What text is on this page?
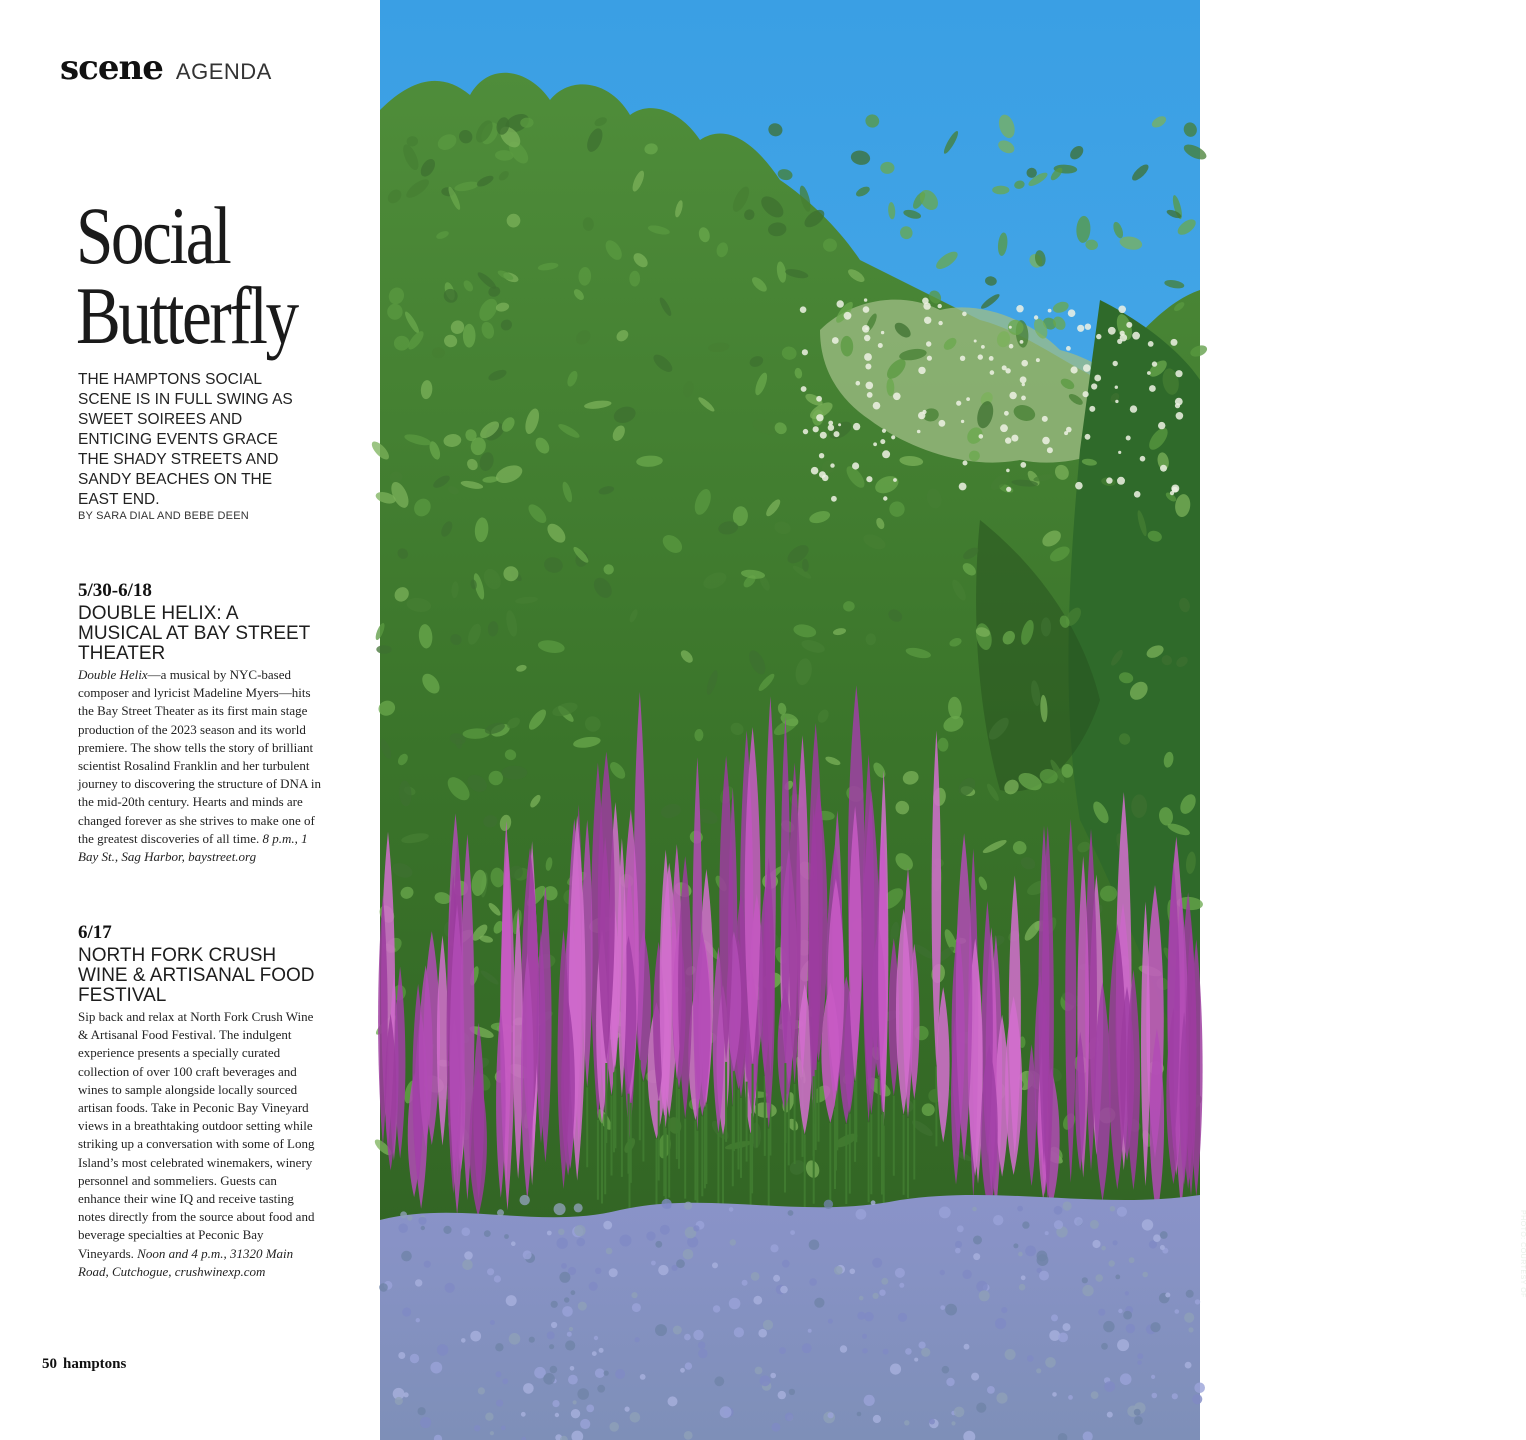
scene AGENDA
Social Butterfly

THE HAMPTONS SOCIAL SCENE IS IN FULL SWING AS SWEET SOIREES AND ENTICING EVENTS GRACE THE SHADY STREETS AND SANDY BEACHES ON THE EAST END.

BY SARA DIAL AND BEBE DEEN
5/30-6/18
DOUBLE HELIX: A MUSICAL AT BAY STREET THEATER

Double Helix—a musical by NYC-based composer and lyricist Madeline Myers—hits the Bay Street Theater as its first main stage production of the 2023 season and its world premiere. The show tells the story of brilliant scientist Rosalind Franklin and her turbulent journey to discovering the structure of DNA in the mid-20th century. Hearts and minds are changed forever as she strives to make one of the greatest discoveries of all time. 8 p.m., 1 Bay St., Sag Harbor, baystreet.org

6/17
NORTH FORK CRUSH WINE & ARTISANAL FOOD FESTIVAL

Sip back and relax at North Fork Crush Wine & Artisanal Food Festival. The indulgent experience presents a specially curated collection of over 100 craft beverages and wines to sample alongside locally sourced artisan foods. Take in Peconic Bay Vineyard views in a breathtaking outdoor setting while striking up a conversation with some of Long Island’s most celebrated winemakers, winery personnel and sommeliers. Guests can enhance their wine IQ and receive tasting notes directly from the source about food and beverage specialties at Peconic Bay Vineyards. Noon and 4 p.m., 31320 Main Road, Cutchogue, crushwinexp.com

50 hamptons
PHOTO: COURTESY OF
